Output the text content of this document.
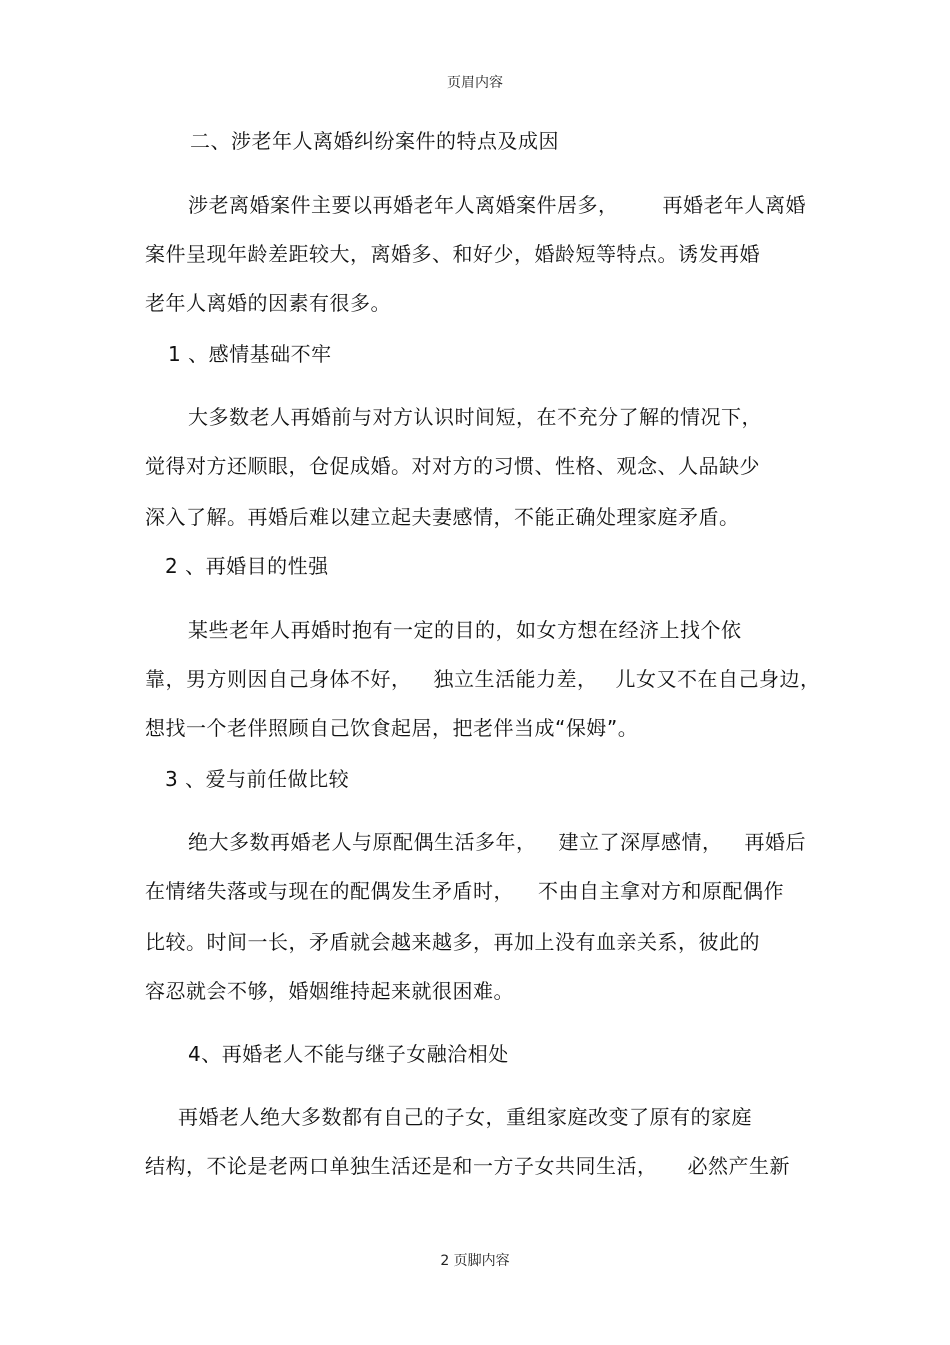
页眉内容
二、涉老年人离婚纠纷案件的特点及成因
涉老离婚案件主要以再婚老年人离婚案件居多， 再婚老年人离婚
案件呈现年龄差距较大，离婚多、和好少，婚龄短等特点。诱发再婚
老年人离婚的因素有很多。
1 、感情基础不牢
大多数老人再婚前与对方认识时间短，在不充分了解的情况下，
觉得对方还顺眼，仓促成婚。对对方的习惯、性格、观念、人品缺少
深入了解。再婚后难以建立起夫妻感情，不能正确处理家庭矛盾。
2 、再婚目的性强
某些老年人再婚时抱有一定的目的，如女方想在经济上找个依
靠，男方则因自己身体不好， 独立生活能力差， 儿女又不在自己身边，
想找一个老伴照顾自己饮食起居，把老伴当成“保姆”。
3 、爱与前任做比较
绝大多数再婚老人与原配偶生活多年， 建立了深厚感情， 再婚后
在情绪失落或与现在的配偶发生矛盾时， 不由自主拿对方和原配偶作
比较。时间一长，矛盾就会越来越多，再加上没有血亲关系，彼此的
容忍就会不够，婚姻维持起来就很困难。
4、再婚老人不能与继子女融洽相处
再婚老人绝大多数都有自己的子女，重组家庭改变了原有的家庭
结构，不论是老两口单独生活还是和一方子女共同生活， 必然产生新
2 页脚内容
